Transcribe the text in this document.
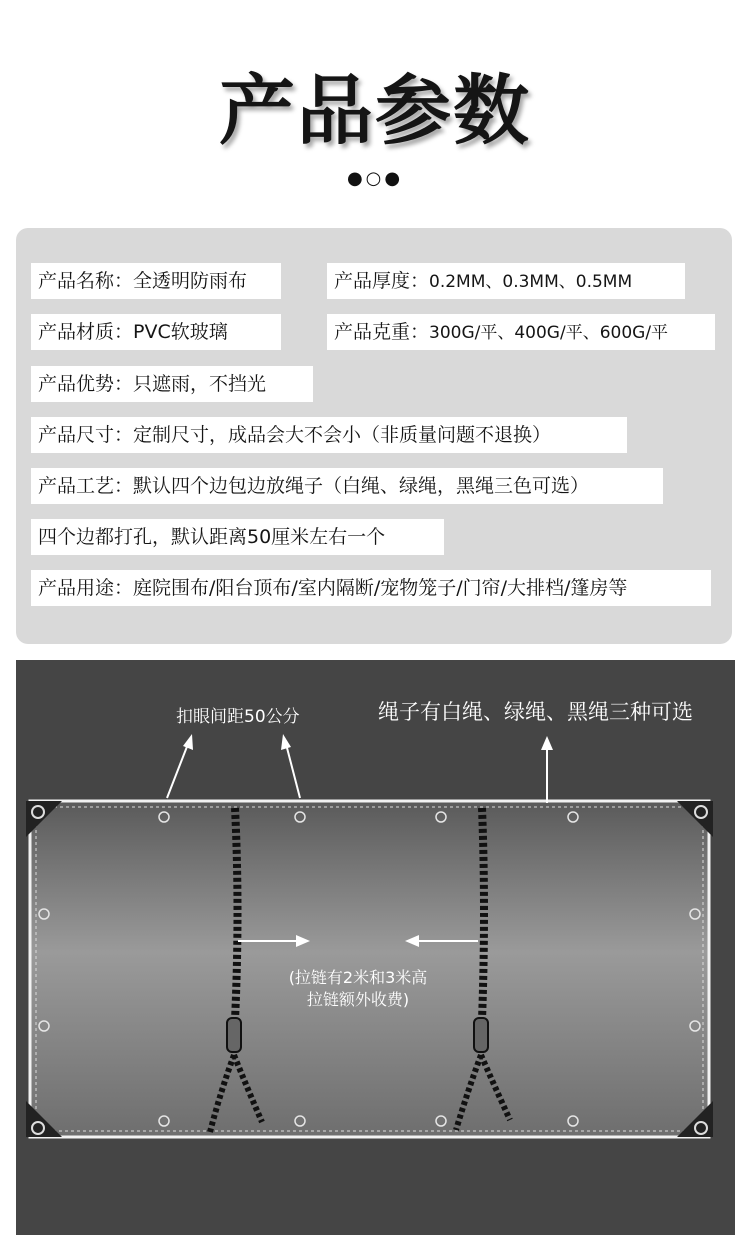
产品参数
●○●
产品名称：全透明防雨布	产品厚度：0.2MM、0.3MM、0.5MM
产品材质：PVC软玻璃	产品克重：300G/平、400G/平、600G/平
产品优势：只遮雨，不挡光
产品尺寸：定制尺寸，成品会大不会小（非质量问题不退换）
产品工艺：默认四个边包边放绳子（白绳、绿绳，黑绳三色可选）
四个边都打孔，默认距离50厘米左右一个
产品用途：庭院围布/阳台顶布/室内隔断/宠物笼子/门帘/大排档/篷房等
扣眼间距50公分	绳子有白绳、绿绳、黑绳三种可选
(拉链有2米和3米高
拉链额外收费)
